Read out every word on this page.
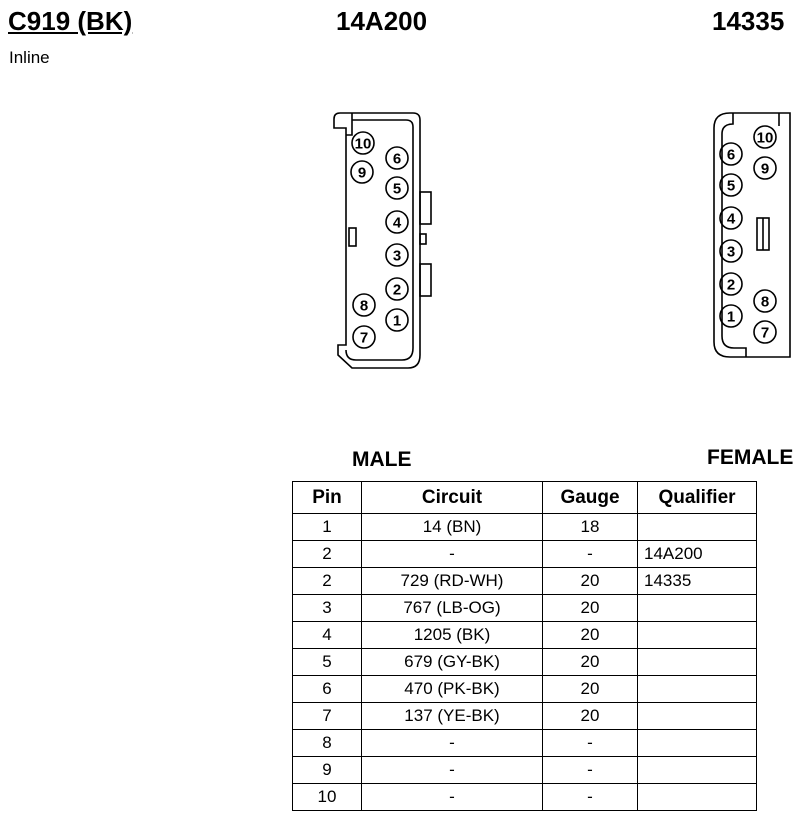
C919 (BK)
Inline
14A200	14335
10
9
6
5
4
3
2
8
7
1
10
6
9
5
4
3
2
8
1
7
MALE	FEMALE
Pin	Circuit	Gauge	Qualifier
1	14 (BN)	18	
2	-	-	14A200
2	729 (RD-WH)	20	14335
3	767 (LB-OG)	20	
4	1205 (BK)	20	
5	679 (GY-BK)	20	
6	470 (PK-BK)	20	
7	137 (YE-BK)	20	
8	-	-	
9	-	-	
10	-	-	
